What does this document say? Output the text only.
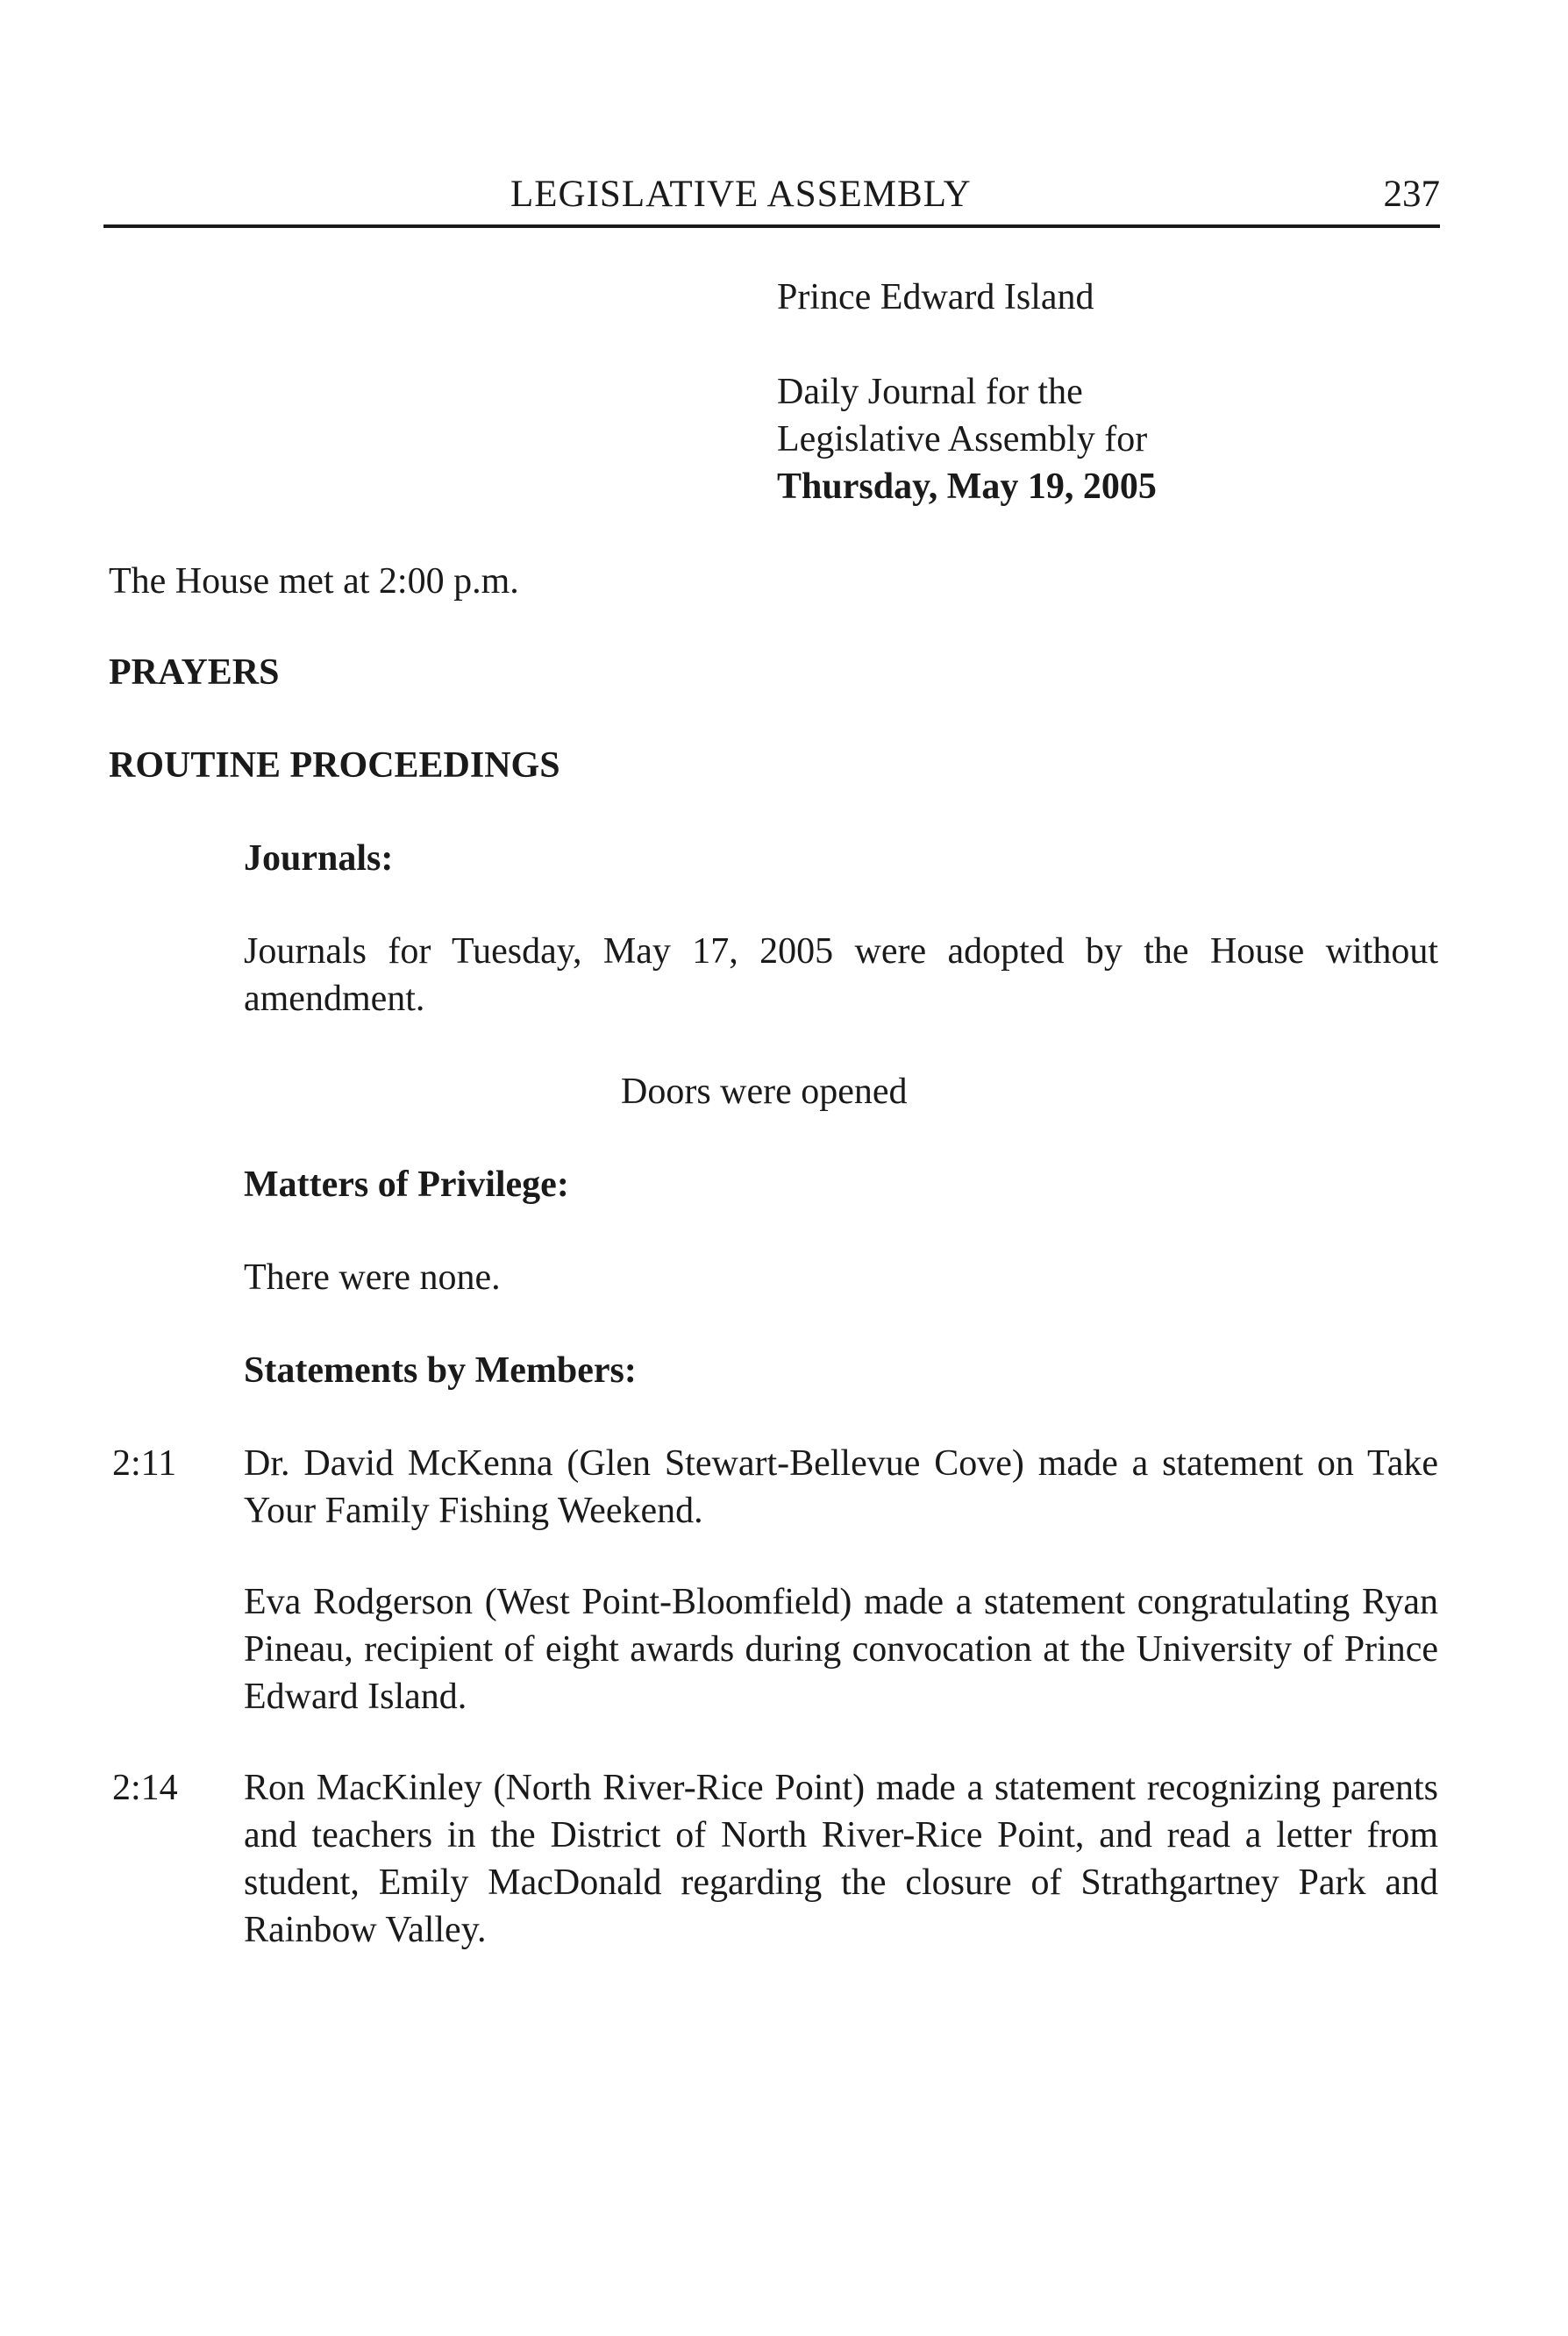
LEGISLATIVE ASSEMBLY	237
Prince Edward Island
Daily Journal for the
Legislative Assembly for
Thursday, May 19, 2005
The House met at 2:00 p.m.
PRAYERS
ROUTINE PROCEEDINGS
Journals:
Journals for Tuesday, May 17, 2005 were adopted by the House without amendment.
Doors were opened
Matters of Privilege:
There were none.
Statements by Members:
2:11 Dr. David McKenna (Glen Stewart-Bellevue Cove) made a statement on Take Your Family Fishing Weekend.
Eva Rodgerson (West Point-Bloomfield) made a statement congratulating Ryan Pineau, recipient of eight awards during convocation at the University of Prince Edward Island.
2:14 Ron MacKinley (North River-Rice Point) made a statement recognizing parents and teachers in the District of North River-Rice Point, and read a letter from student, Emily MacDonald regarding the closure of Strathgartney Park and Rainbow Valley.
